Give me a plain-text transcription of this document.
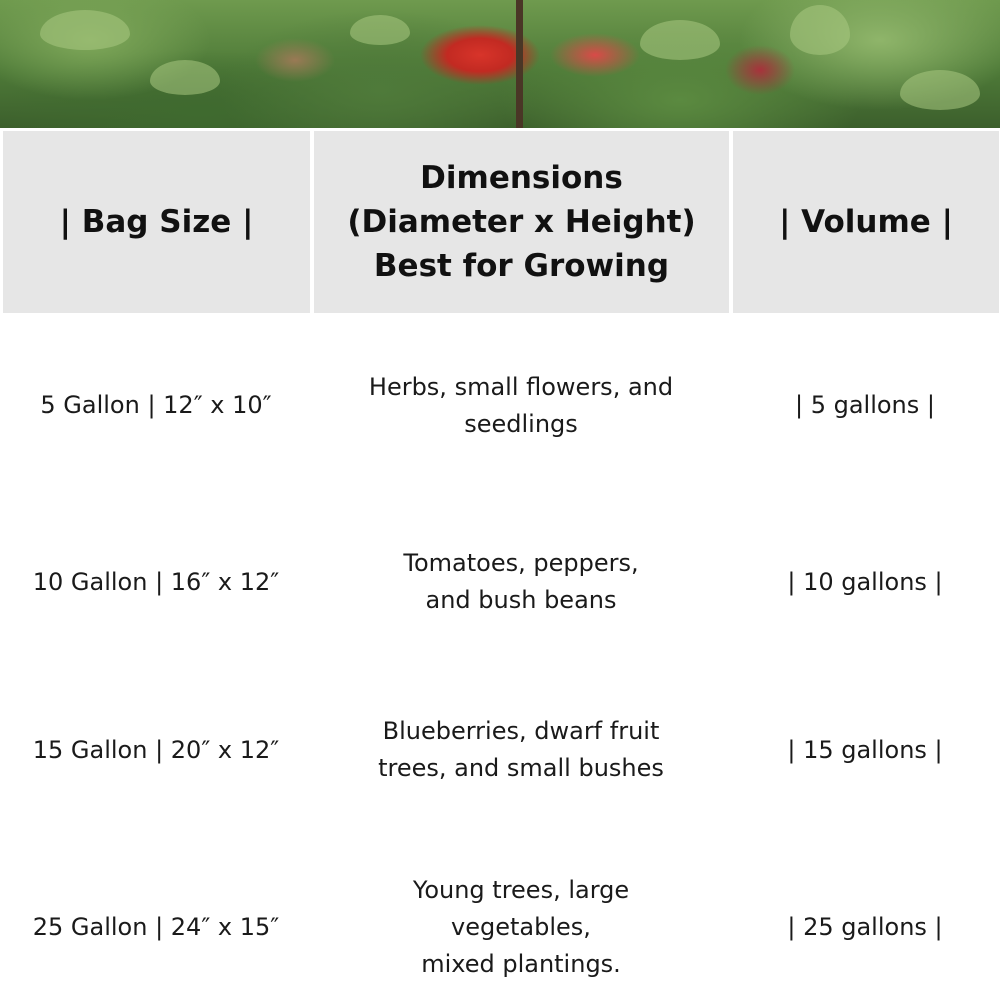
| Bag Size |
Dimensions
(Diameter x Height)
Best for Growing
| Volume |
5 Gallon | 12″ x 10″
Herbs, small flowers, and
seedlings
| 5 gallons |
10 Gallon | 16″ x 12″
Tomatoes, peppers,
and bush beans
| 10 gallons |
15 Gallon | 20″ x 12″
Blueberries, dwarf fruit
trees, and small bushes
| 15 gallons |
25 Gallon | 24″ x 15″
Young trees, large
vegetables,
mixed plantings.
| 25 gallons |
